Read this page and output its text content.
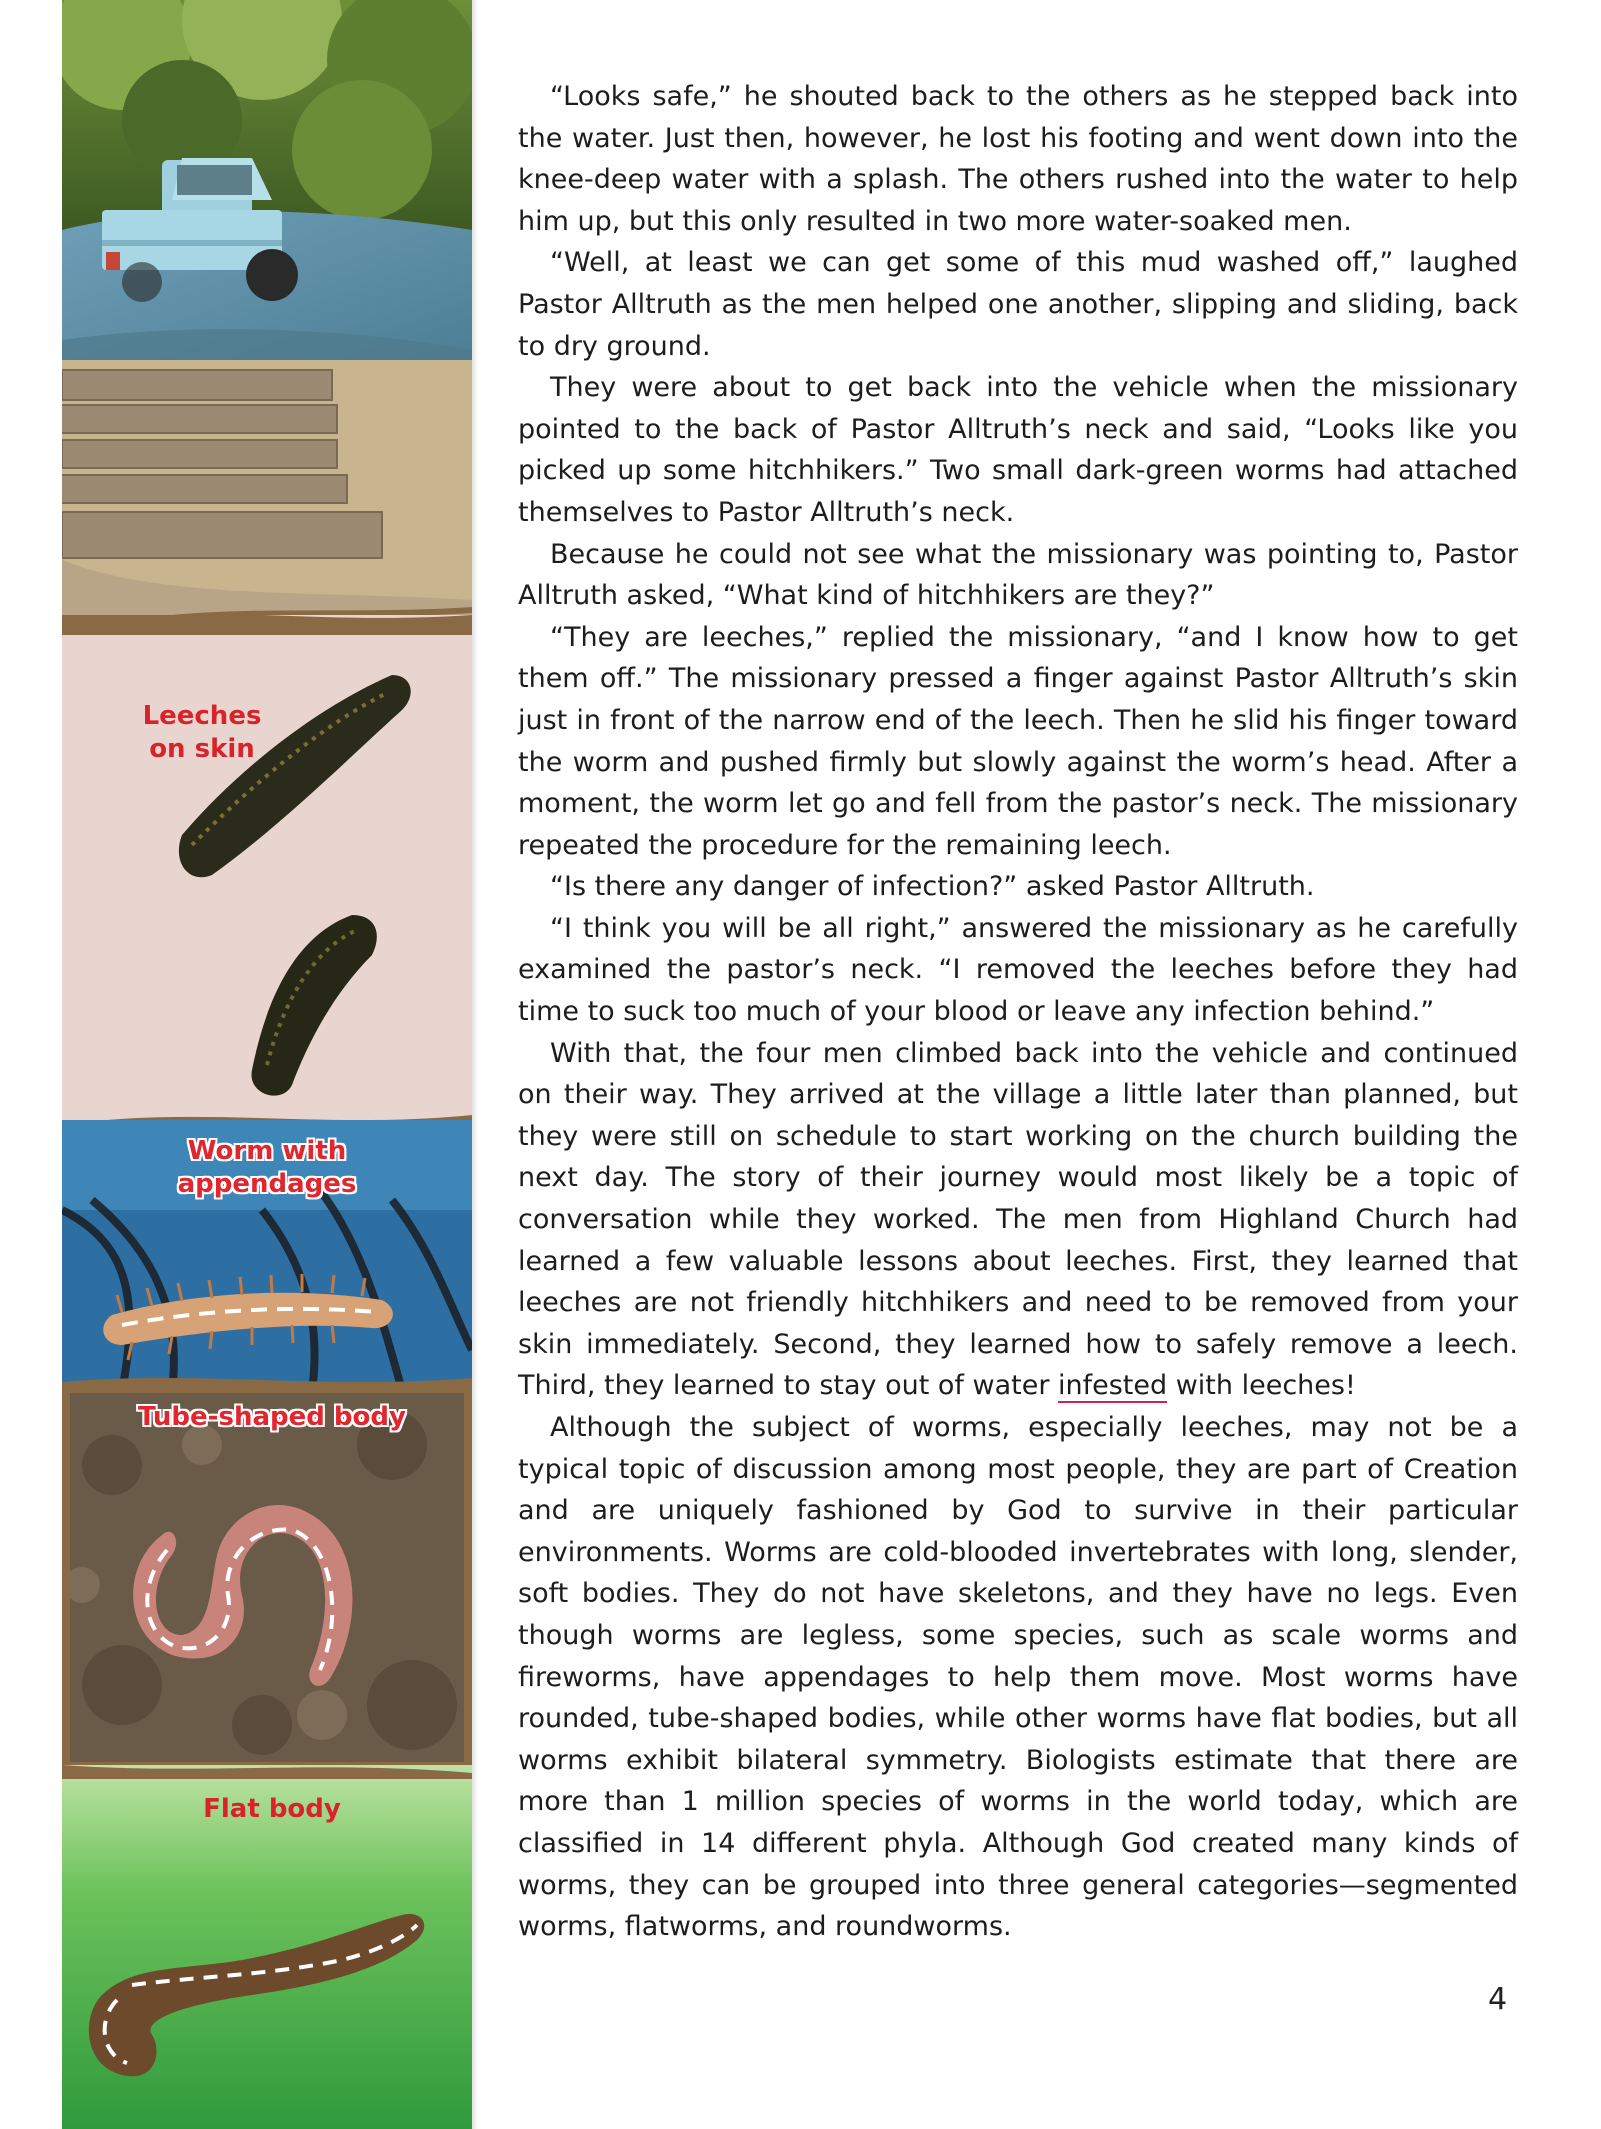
Leeches on skin

Worm with appendages

Tube-shaped body

Flat body

“Looks safe,” he shouted back to the others as he stepped back into the water. Just then, however, he lost his footing and went down into the knee-deep water with a splash. The others rushed into the water to help him up, but this only resulted in two more water-soaked men.

“Well, at least we can get some of this mud washed off,” laughed Pastor Alltruth as the men helped one another, slipping and sliding, back to dry ground.

They were about to get back into the vehicle when the missionary pointed to the back of Pastor Alltruth’s neck and said, “Looks like you picked up some hitchhikers.” Two small dark-green worms had attached themselves to Pastor Alltruth’s neck.

Because he could not see what the missionary was pointing to, Pastor Alltruth asked, “What kind of hitchhikers are they?”

“They are leeches,” replied the missionary, “and I know how to get them off.” The missionary pressed a finger against Pastor Alltruth’s skin just in front of the narrow end of the leech. Then he slid his finger toward the worm and pushed firmly but slowly against the worm’s head. After a moment, the worm let go and fell from the pastor’s neck. The missionary repeated the procedure for the remaining leech.

“Is there any danger of infection?” asked Pastor Alltruth.

“I think you will be all right,” answered the missionary as he carefully examined the pastor’s neck. “I removed the leeches before they had time to suck too much of your blood or leave any infection behind.”

With that, the four men climbed back into the vehicle and continued on their way. They arrived at the village a little later than planned, but they were still on schedule to start working on the church building the next day. The story of their journey would most likely be a topic of conversation while they worked. The men from Highland Church had learned a few valuable lessons about leeches. First, they learned that leeches are not friendly hitchhikers and need to be removed from your skin immediately. Second, they learned how to safely remove a leech. Third, they learned to stay out of water infested with leeches!

Although the subject of worms, especially leeches, may not be a typical topic of discussion among most people, they are part of Creation and are uniquely fashioned by God to survive in their particular environments. Worms are cold-blooded invertebrates with long, slender, soft bodies. They do not have skeletons, and they have no legs. Even though worms are legless, some species, such as scale worms and fireworms, have appendages to help them move. Most worms have rounded, tube-shaped bodies, while other worms have flat bodies, but all worms exhibit bilateral symmetry. Biologists estimate that there are more than 1 million species of worms in the world today, which are classified in 14 different phyla. Although God created many kinds of worms, they can be grouped into three general categories—segmented worms, flatworms, and roundworms.

4
